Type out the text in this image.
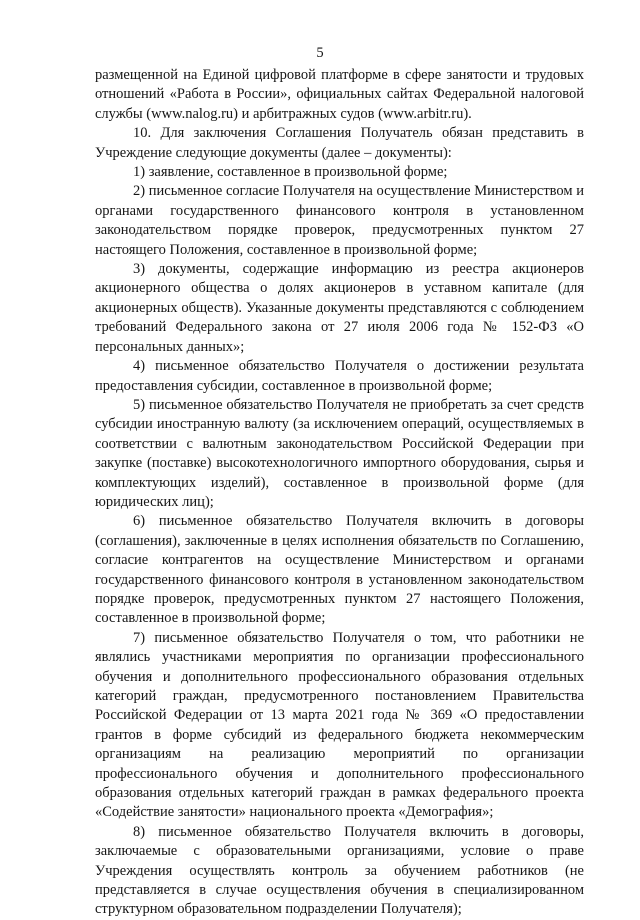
5

размещенной на Единой цифровой платформе в сфере занятости и трудовых отношений «Работа в России», официальных сайтах Федеральной налоговой службы (www.nalog.ru) и арбитражных судов (www.arbitr.ru).

10. Для заключения Соглашения Получатель обязан представить в Учреждение следующие документы (далее – документы):

1) заявление, составленное в произвольной форме;

2) письменное согласие Получателя на осуществление Министерством и органами государственного финансового контроля в установленном законодательством порядке проверок, предусмотренных пунктом 27 настоящего Положения, составленное в произвольной форме;

3) документы, содержащие информацию из реестра акционеров акционерного общества о долях акционеров в уставном капитале (для акционерных обществ). Указанные документы представляются с соблюдением требований Федерального закона от 27 июля 2006 года № 152-ФЗ «О персональных данных»;

4) письменное обязательство Получателя о достижении результата предоставления субсидии, составленное в произвольной форме;

5) письменное обязательство Получателя не приобретать за счет средств субсидии иностранную валюту (за исключением операций, осуществляемых в соответствии с валютным законодательством Российской Федерации при закупке (поставке) высокотехнологичного импортного оборудования, сырья и комплектующих изделий), составленное в произвольной форме (для юридических лиц);

6) письменное обязательство Получателя включить в договоры (соглашения), заключенные в целях исполнения обязательств по Соглашению, согласие контрагентов на осуществление Министерством и органами государственного финансового контроля в установленном законодательством порядке проверок, предусмотренных пунктом 27 настоящего Положения, составленное в произвольной форме;

7) письменное обязательство Получателя о том, что работники не являлись участниками мероприятия по организации профессионального обучения и дополнительного профессионального образования отдельных категорий граждан, предусмотренного постановлением Правительства Российской Федерации от 13 марта 2021 года № 369 «О предоставлении грантов в форме субсидий из федерального бюджета некоммерческим организациям на реализацию мероприятий по организации профессионального обучения и дополнительного профессионального образования отдельных категорий граждан в рамках федерального проекта «Содействие занятости» национального проекта «Демография»;

8) письменное обязательство Получателя включить в договоры, заключаемые с образовательными организациями, условие о праве Учреждения осуществлять контроль за обучением работников (не представляется в случае осуществления обучения в специализированном структурном образовательном подразделении Получателя);
